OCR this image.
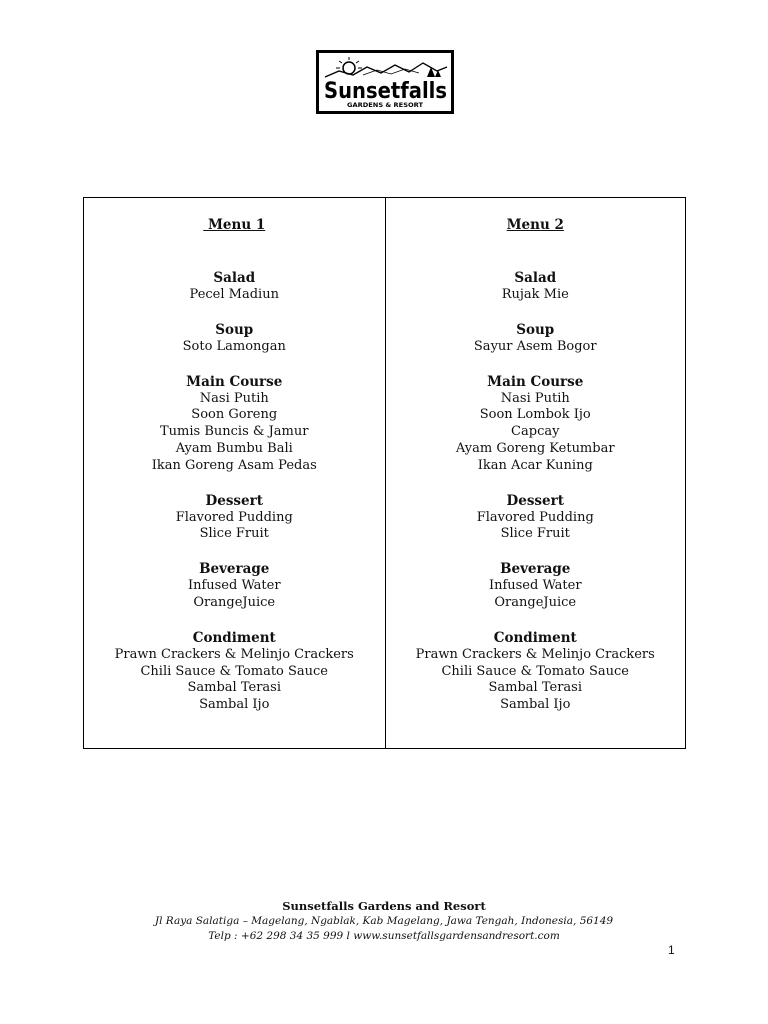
Sunsetfalls
GARDENS & RESORT
Menu 1
Salad
Pecel Madiun
Soup
Soto Lamongan
Main Course
Nasi Putih
Soon Goreng
Tumis Buncis & Jamur
Ayam Bumbu Bali
Ikan Goreng Asam Pedas
Dessert
Flavored Pudding
Slice Fruit
Beverage
Infused Water
OrangeJuice
Condiment
Prawn Crackers & Melinjo Crackers
Chili Sauce & Tomato Sauce
Sambal Terasi
Sambal Ijo
Menu 2
Salad
Rujak Mie
Soup
Sayur Asem Bogor
Main Course
Nasi Putih
Soon Lombok Ijo
Capcay
Ayam Goreng Ketumbar
Ikan Acar Kuning
Dessert
Flavored Pudding
Slice Fruit
Beverage
Infused Water
OrangeJuice
Condiment
Prawn Crackers & Melinjo Crackers
Chili Sauce & Tomato Sauce
Sambal Terasi
Sambal Ijo
Sunsetfalls Gardens and Resort
Jl Raya Salatiga – Magelang, Ngablak, Kab Magelang, Jawa Tengah, Indonesia, 56149
Telp : +62 298 34 35 999 l www.sunsetfallsgardensandresort.com
1
